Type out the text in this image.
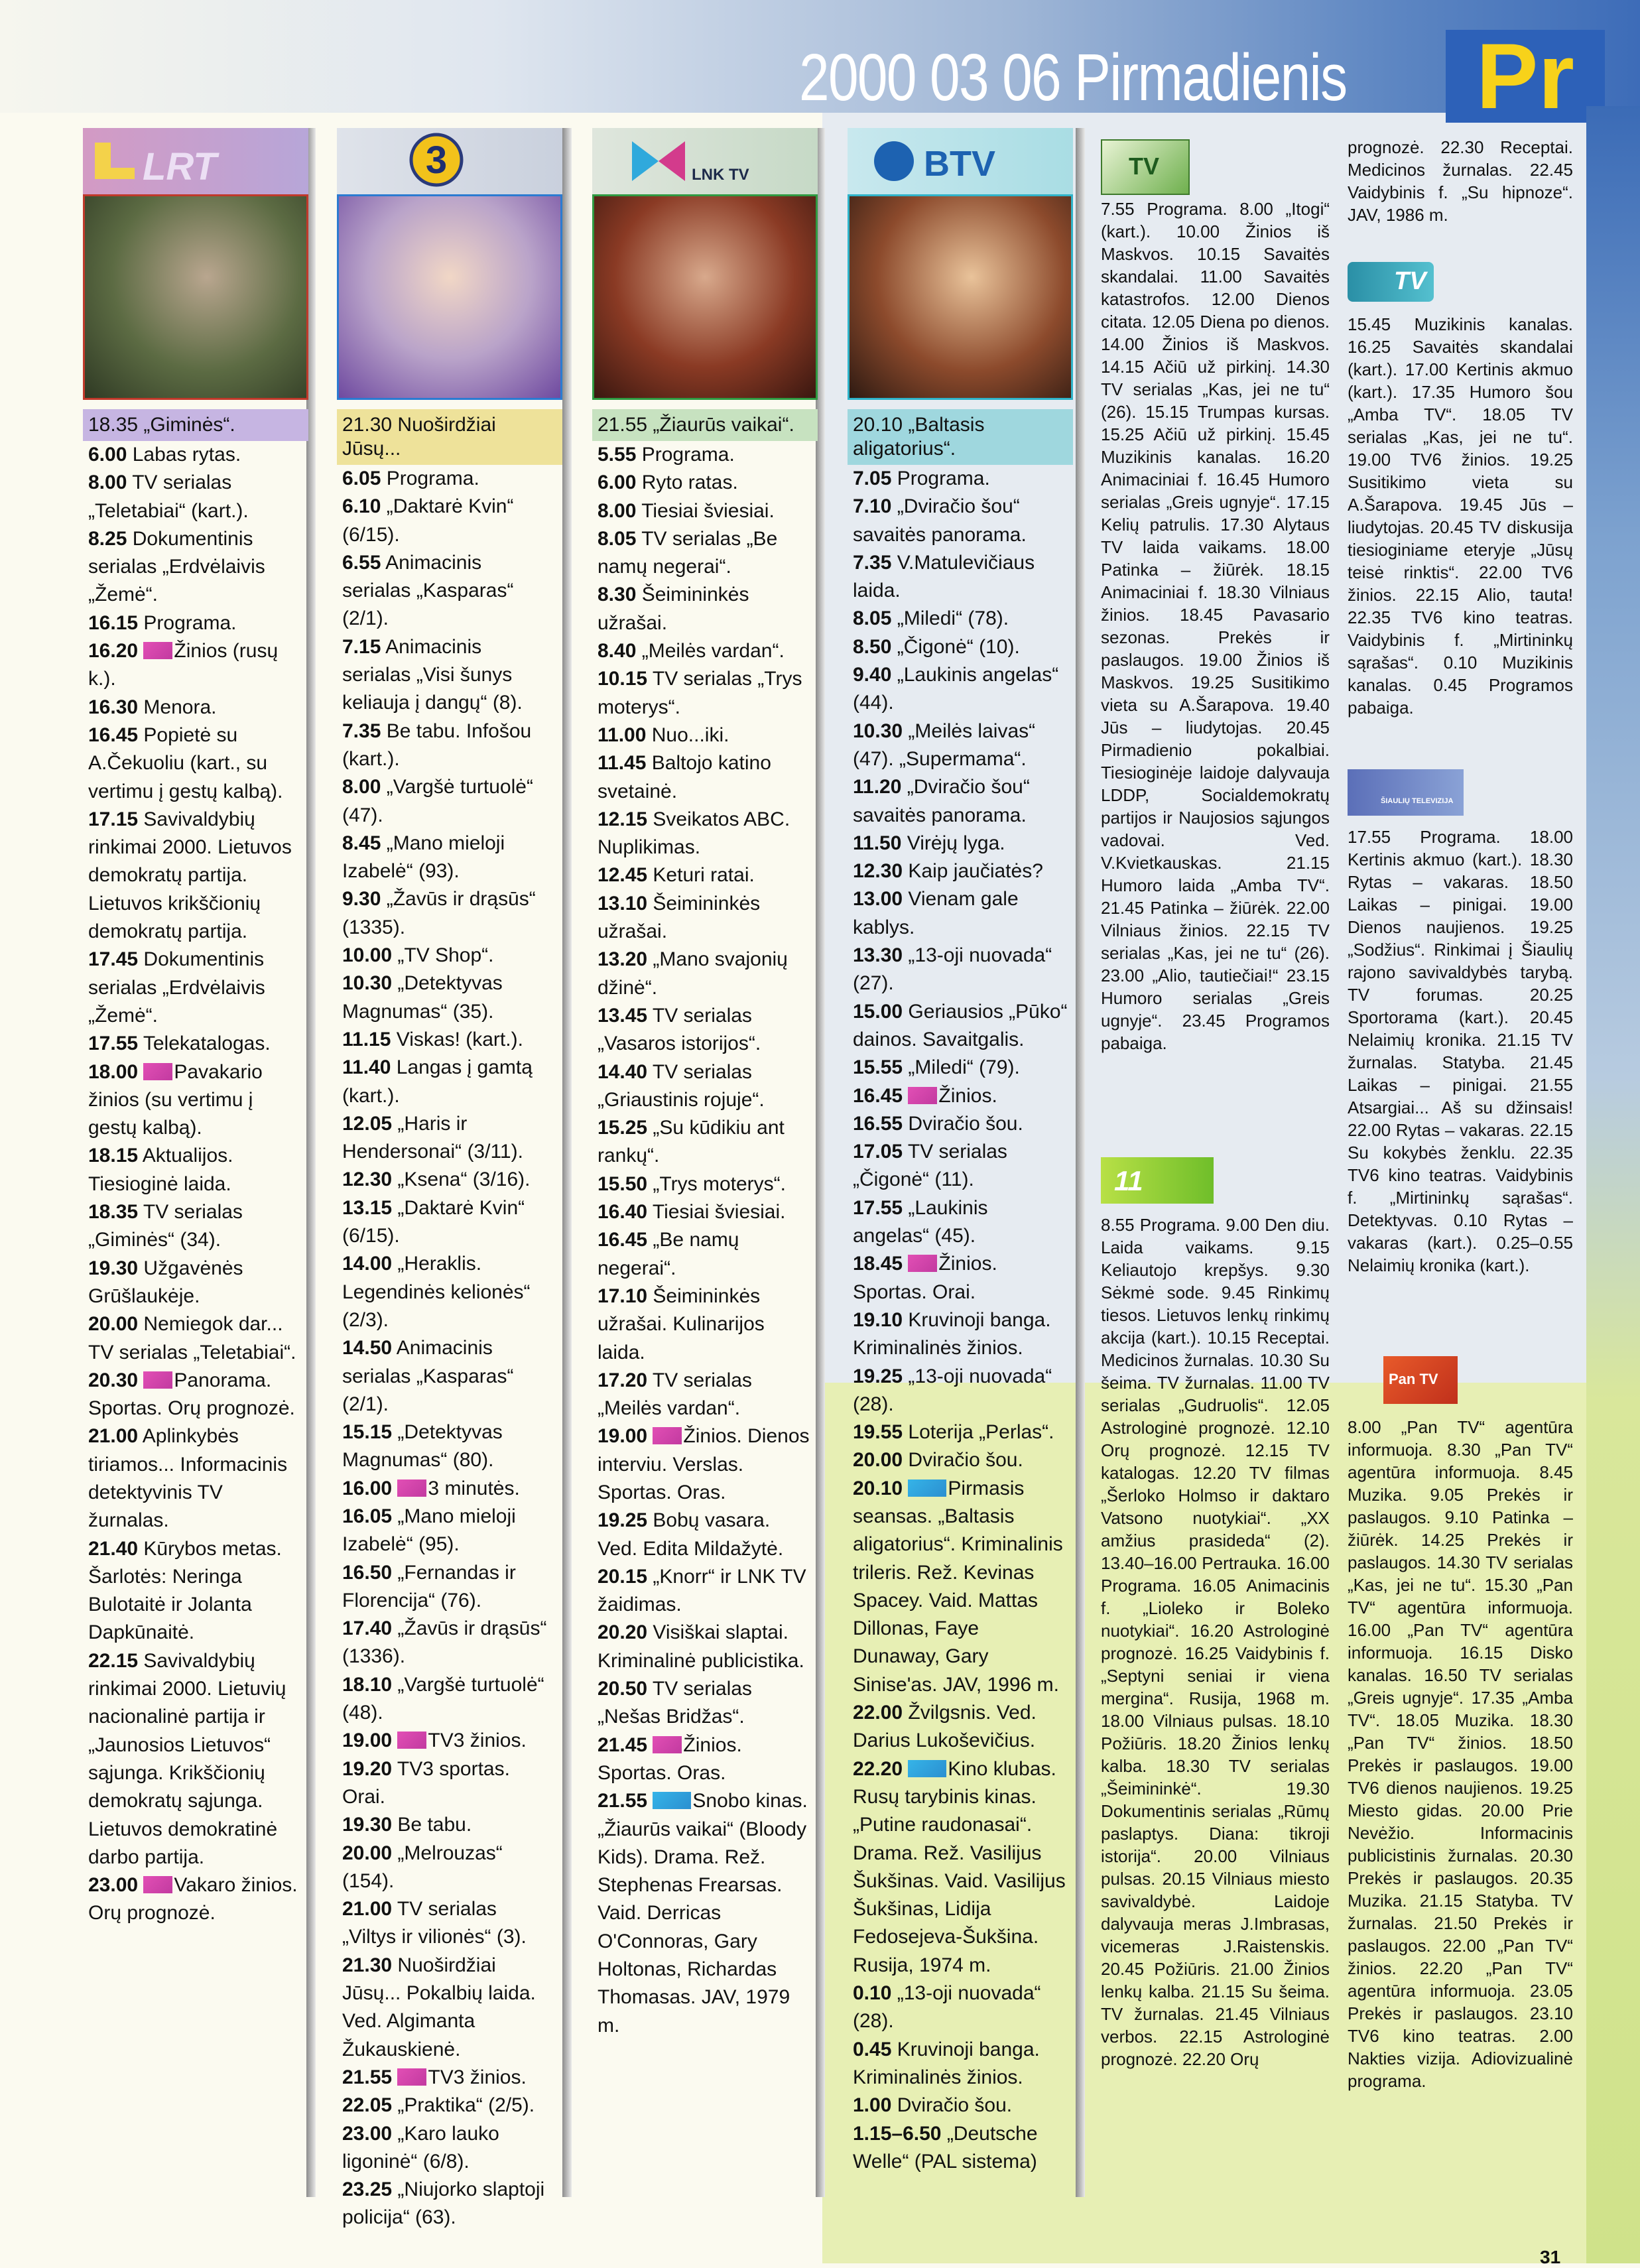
2000 03 06 Pirmadienis	Pr
LRT
18.35 „Giminės“.
6.00 Labas rytas.
8.00 TV serialas „Teletabiai“ (kart.).
8.25 Dokumentinis serialas „Erdvėlaivis „Žemė“.
16.15 Programa.
16.20 Žinios (rusų k.).
16.30 Menora.
16.45 Popietė su A.Čekuoliu (kart., su vertimu į gestų kalbą).
17.15 Savivaldybių rinkimai 2000. Lietuvos demokratų partija. Lietuvos krikščionių demokratų partija.
17.45 Dokumentinis serialas „Erdvėlaivis „Žemė“.
17.55 Telekatalogas.
18.00 Pavakario žinios (su vertimu į gestų kalbą).
18.15 Aktualijos. Tiesioginė laida.
18.35 TV serialas „Giminės“ (34).
19.30 Užgavėnės Grūšlaukėje.
20.00 Nemiegok dar... TV serialas „Teletabiai“.
20.30 Panorama. Sportas. Orų prognozė.
21.00 Aplinkybės tiriamos... Informacinis detektyvinis TV žurnalas.
21.40 Kūrybos metas. Šarlotės: Neringa Bulotaitė ir Jolanta Dapkūnaitė.
22.15 Savivaldybių rinkimai 2000. Lietuvių nacionalinė partija ir „Jaunosios Lietuvos“ sąjunga. Krikščionių demokratų sąjunga. Lietuvos demokratinė darbo partija.
23.00 Vakaro žinios. Orų prognozė.
3
21.30 Nuoširdžiai Jūsų...
6.05 Programa.
6.10 „Daktarė Kvin“ (6/15).
6.55 Animacinis serialas „Kasparas“ (2/1).
7.15 Animacinis serialas „Visi šunys keliauja į dangų“ (8).
7.35 Be tabu. Infošou (kart.).
8.00 „Vargšė turtuolė“ (47).
8.45 „Mano mieloji Izabelė“ (93).
9.30 „Žavūs ir drąsūs“ (1335).
10.00 „TV Shop“.
10.30 „Detektyvas Magnumas“ (35).
11.15 Viskas! (kart.).
11.40 Langas į gamtą (kart.).
12.05 „Haris ir Hendersonai“ (3/11).
12.30 „Ksena“ (3/16).
13.15 „Daktarė Kvin“ (6/15).
14.00 „Heraklis. Legendinės kelionės“ (2/3).
14.50 Animacinis serialas „Kasparas“ (2/1).
15.15 „Detektyvas Magnumas“ (80).
16.00 3 minutės.
16.05 „Mano mieloji Izabelė“ (95).
16.50 „Fernandas ir Florencija“ (76).
17.40 „Žavūs ir drąsūs“ (1336).
18.10 „Vargšė turtuolė“ (48).
19.00 TV3 žinios.
19.20 TV3 sportas. Orai.
19.30 Be tabu.
20.00 „Melrouzas“ (154).
21.00 TV serialas „Viltys ir vilionės“ (3).
21.30 Nuoširdžiai Jūsų... Pokalbių laida. Ved. Algimanta Žukauskienė.
21.55 TV3 žinios.
22.05 „Praktika“ (2/5).
23.00 „Karo lauko ligoninė“ (6/8).
23.25 „Niujorko slaptoji policija“ (63).
LNK TV
21.55 „Žiaurūs vaikai“.
5.55 Programa.
6.00 Ryto ratas.
8.00 Tiesiai šviesiai.
8.05 TV serialas „Be namų negerai“.
8.30 Šeimininkės užrašai.
8.40 „Meilės vardan“.
10.15 TV serialas „Trys moterys“.
11.00 Nuo...iki.
11.45 Baltojo katino svetainė.
12.15 Sveikatos ABC. Nuplikimas.
12.45 Keturi ratai.
13.10 Šeimininkės užrašai.
13.20 „Mano svajonių džinė“.
13.45 TV serialas „Vasaros istorijos“.
14.40 TV serialas „Griaustinis rojuje“.
15.25 „Su kūdikiu ant rankų“.
15.50 „Trys moterys“.
16.40 Tiesiai šviesiai.
16.45 „Be namų negerai“.
17.10 Šeimininkės užrašai. Kulinarijos laida.
17.20 TV serialas „Meilės vardan“.
19.00 Žinios. Dienos interviu. Verslas. Sportas. Oras.
19.25 Bobų vasara. Ved. Edita Mildažytė.
20.15 „Knorr“ ir LNK TV žaidimas.
20.20 Visiškai slaptai. Kriminalinė publicistika.
20.50 TV serialas „Nešas Bridžas“.
21.45 Žinios. Sportas. Oras.
21.55 Snobo kinas. „Žiaurūs vaikai“ (Bloody Kids). Drama. Rež. Stephenas Frearsas. Vaid. Derricas O'Connoras, Gary Holtonas, Richardas Thomasas. JAV, 1979 m.
BTV
20.10 „Baltasis aligatorius“.
7.05 Programa.
7.10 „Dviračio šou“ savaitės panorama.
7.35 V.Matulevičiaus laida.
8.05 „Miledi“ (78).
8.50 „Čigonė“ (10).
9.40 „Laukinis angelas“ (44).
10.30 „Meilės laivas“ (47). „Supermama“.
11.20 „Dviračio šou“ savaitės panorama.
11.50 Virėjų lyga.
12.30 Kaip jaučiatės?
13.00 Vienam gale kablys.
13.30 „13-oji nuovada“ (27).
15.00 Geriausios „Pūko“ dainos. Savaitgalis.
15.55 „Miledi“ (79).
16.45 Žinios.
16.55 Dviračio šou.
17.05 TV serialas „Čigonė“ (11).
17.55 „Laukinis angelas“ (45).
18.45 Žinios. Sportas. Orai.
19.10 Kruvinoji banga. Kriminalinės žinios.
19.25 „13-oji nuovada“ (28).
19.55 Loterija „Perlas“.
20.00 Dviračio šou.
20.10 Pirmasis seansas. „Baltasis aligatorius“. Kriminalinis trileris. Rež. Kevinas Spacey. Vaid. Mattas Dillonas, Faye Dunaway, Gary Sinise'as. JAV, 1996 m.
22.00 Žvilgsnis. Ved. Darius Lukoševičius.
22.20 Kino klubas. Rusų tarybinis kinas. „Putine raudonasai“. Drama. Rež. Vasilijus Šukšinas. Vaid. Vasilijus Šukšinas, Lidija Fedosejeva-Šukšina. Rusija, 1974 m.
0.10 „13-oji nuovada“ (28).
0.45 Kruvinoji banga. Kriminalinės žinios.
1.00 Dviračio šou.
1.15–6.50 „Deutsche Welle“ (PAL sistema)
TV
7.55 Programa. 8.00 „Itogi“ (kart.). 10.00 Žinios iš Maskvos. 10.15 Savaitės skandalai. 11.00 Savaitės katastrofos. 12.00 Dienos citata. 12.05 Diena po dienos. 14.00 Žinios iš Maskvos. 14.15 Ačiū už pirkinį. 14.30 TV serialas „Kas, jei ne tu“ (26). 15.15 Trumpas kursas. 15.25 Ačiū už pirkinį. 15.45 Muzikinis kanalas. 16.20 Animaciniai f. 16.45 Humoro serialas „Greis ugnyje“. 17.15 Kelių patrulis. 17.30 Alytaus TV laida vaikams. 18.00 Patinka – žiūrėk. 18.15 Animaciniai f. 18.30 Vilniaus žinios. 18.45 Pavasario sezonas. Prekės ir paslaugos. 19.00 Žinios iš Maskvos. 19.25 Susitikimo vieta su A.Šarapova. 19.40 Jūs – liudytojas. 20.45 Pirmadienio pokalbiai. Tiesioginėje laidoje dalyvauja LDDP, Socialdemokratų partijos ir Naujosios sąjungos vadovai. Ved. V.Kvietkauskas. 21.15 Humoro laida „Amba TV“. 21.45 Patinka – žiūrėk. 22.00 Vilniaus žinios. 22.15 TV serialas „Kas, jei ne tu“ (26). 23.00 „Alio, tautiečiai!“ 23.15 Humoro serialas „Greis ugnyje“. 23.45 Programos pabaiga.
11
8.55 Programa. 9.00 Den diu. Laida vaikams. 9.15 Keliautojo krepšys. 9.30 Sėkmė sode. 9.45 Rinkimų tiesos. Lietuvos lenkų rinkimų akcija (kart.). 10.15 Receptai. Medicinos žurnalas. 10.30 Su šeima. TV žurnalas. 11.00 TV serialas „Gudruolis“. 12.05 Astrologinė prognozė. 12.10 Orų prognozė. 12.15 TV katalogas. 12.20 TV filmas „Šerloko Holmso ir daktaro Vatsono nuotykiai“. „XX amžius prasideda“ (2). 13.40–16.00 Pertrauka. 16.00 Programa. 16.05 Animacinis f. „Lioleko ir Boleko nuotykiai“. 16.20 Astrologinė prognozė. 16.25 Vaidybinis f. „Septyni seniai ir viena mergina“. Rusija, 1968 m. 18.00 Vilniaus pulsas. 18.10 Požiūris. 18.20 Žinios lenkų kalba. 18.30 TV serialas „Šeimininkė“. 19.30 Dokumentinis serialas „Rūmų paslaptys. Diana: tikroji istorija“. 20.00 Vilniaus pulsas. 20.15 Vilniaus miesto savivaldybė. Laidoje dalyvauja meras J.Imbrasas, vicemeras J.Raistenskis. 20.45 Požiūris. 21.00 Žinios lenkų kalba. 21.15 Su šeima. TV žurnalas. 21.45 Vilniaus verbos. 22.15 Astrologinė prognozė. 22.20 Orų
prognozė. 22.30 Receptai. Medicinos žurnalas. 22.45 Vaidybinis f. „Su hipnoze“. JAV, 1986 m.
TV
15.45 Muzikinis kanalas. 16.25 Savaitės skandalai (kart.). 17.00 Kertinis akmuo (kart.). 17.35 Humoro šou „Amba TV“. 18.05 TV serialas „Kas, jei ne tu“. 19.00 TV6 žinios. 19.25 Susitikimo vieta su A.Šarapova. 19.45 Jūs – liudytojas. 20.45 TV diskusija tiesioginiame eteryje „Jūsų teisė rinktis“. 22.00 TV6 žinios. 22.15 Alio, tauta! 22.35 TV6 kino teatras. Vaidybinis f. „Mirtininkų sąrašas“. 0.10 Muzikinis kanalas. 0.45 Programos pabaiga.
ŠIAULIŲ TELEVIZIJA
17.55 Programa. 18.00 Kertinis akmuo (kart.). 18.30 Rytas – vakaras. 18.50 Laikas – pinigai. 19.00 Dienos naujienos. 19.25 „Sodžius“. Rinkimai į Šiaulių rajono savivaldybės tarybą. TV forumas. 20.25 Sportorama (kart.). 20.45 Nelaimių kronika. 21.15 TV žurnalas. Statyba. 21.45 Laikas – pinigai. 21.55 Atsargiai... Aš su džinsais! 22.00 Rytas – vakaras. 22.15 Su kokybės ženklu. 22.35 TV6 kino teatras. Vaidybinis f. „Mirtininkų sąrašas“. Detektyvas. 0.10 Rytas – vakaras (kart.). 0.25–0.55 Nelaimių kronika (kart.).
Pan TV
8.00 „Pan TV“ agentūra informuoja. 8.30 „Pan TV“ agentūra informuoja. 8.45 Muzika. 9.05 Prekės ir paslaugos. 9.10 Patinka – žiūrėk. 14.25 Prekės ir paslaugos. 14.30 TV serialas „Kas, jei ne tu“. 15.30 „Pan TV“ agentūra informuoja. 16.00 „Pan TV“ agentūra informuoja. 16.15 Disko kanalas. 16.50 TV serialas „Greis ugnyje“. 17.35 „Amba TV“. 18.05 Muzika. 18.30 „Pan TV“ žinios. 18.50 Prekės ir paslaugos. 19.00 TV6 dienos naujienos. 19.25 Miesto gidas. 20.00 Prie Nevėžio. Informacinis publicistinis žurnalas. 20.30 Prekės ir paslaugos. 20.35 Muzika. 21.15 Statyba. TV žurnalas. 21.50 Prekės ir paslaugos. 22.00 „Pan TV“ žinios. 22.20 „Pan TV“ agentūra informuoja. 23.05 Prekės ir paslaugos. 23.10 TV6 kino teatras. 2.00 Nakties vizija. Adiovizualinė programa.
31
